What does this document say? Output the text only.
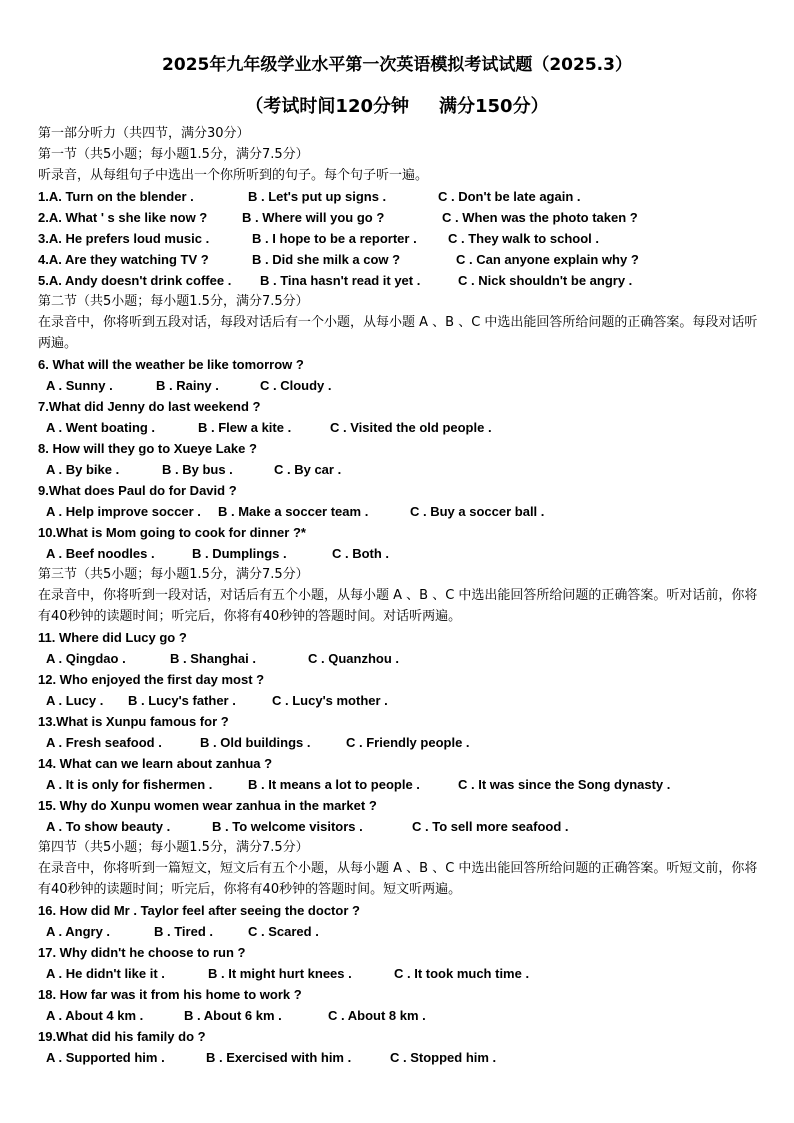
2025年九年级学业水平第一次英语模拟考试试题（2025.3）
（考试时间120分钟 满分150分）
第一部分听力（共四节，满分30分）
第一节（共5小题；每小题1.5分，满分7.5分）
听录音，从每组句子中选出一个你所听到的句子。每个句子听一遍。
1.A. Turn on the blender .	B . Let's put up signs .	C . Don't be late again .
2.A. What ' s she like now ?	B . Where will you go ?	C . When was the photo taken ?
3.A. He prefers loud music .	B . I hope to be a reporter . C . They walk to school .
4.A. Are they watching TV ?	B . Did she milk a cow ?	C . Can anyone explain why ?
5.A. Andy doesn't drink coffee . B . Tina hasn't read it yet .	C . Nick shouldn't be angry .
第二节（共5小题；每小题1.5分，满分7.5分）
在录音中，你将听到五段对话，每段对话后有一个小题，从每小题 A 、B 、C 中选出能回答所给问题的正确答案。每段对话听两遍。
6. What will the weather be like tomorrow ?
A . Sunny .	B . Rainy .	C . Cloudy .
7.What did Jenny do last weekend ?
A . Went boating .	B . Flew a kite .	C . Visited the old people .
8. How will they go to Xueye Lake ?
A . By bike .	B . By bus .	C . By car .
9.What does Paul do for David ?
A . Help improve soccer . B . Make a soccer team .	C . Buy a soccer ball .
10.What is Mom going to cook for dinner ?*
A . Beef noodles .	B . Dumplings .	C . Both .
第三节（共5小题；每小题1.5分，满分7.5分）
在录音中，你将听到一段对话，对话后有五个小题，从每小题 A 、B 、C 中选出能回答所给问题的正确答案。听对话前，你将有40秒钟的读题时间；听完后，你将有40秒钟的答题时间。对话听两遍。
11. Where did Lucy go ?
A . Qingdao .	B . Shanghai .	C . Quanzhou .
12. Who enjoyed the first day most ?
A . Lucy . B . Lucy's father .	C . Lucy's mother .
13.What is Xunpu famous for ?
A . Fresh seafood .	B . Old buildings .	C . Friendly people .
14. What can we learn about zanhua ?
A . It is only for fishermen .	B . It means a lot to people .	C . It was since the Song dynasty .
15. Why do Xunpu women wear zanhua in the market ?
A . To show beauty .	B . To welcome visitors .	C . To sell more seafood .
第四节（共5小题；每小题1.5分，满分7.5分）
在录音中，你将听到一篇短文，短文后有五个小题，从每小题 A 、B 、C 中选出能回答所给问题的正确答案。听短文前，你将有40秒钟的读题时间；听完后，你将有40秒钟的答题时间。短文听两遍。
16. How did Mr . Taylor feel after seeing the doctor ?
A . Angry .	B . Tired .	C . Scared .
17. Why didn't he choose to run ?
A . He didn't like it .	B . It might hurt knees .	C . It took much time .
18. How far was it from his home to work ?
A . About 4 km .	B . About 6 km .	C . About 8 km .
19.What did his family do ?
A . Supported him .	B . Exercised with him .	C . Stopped him .
